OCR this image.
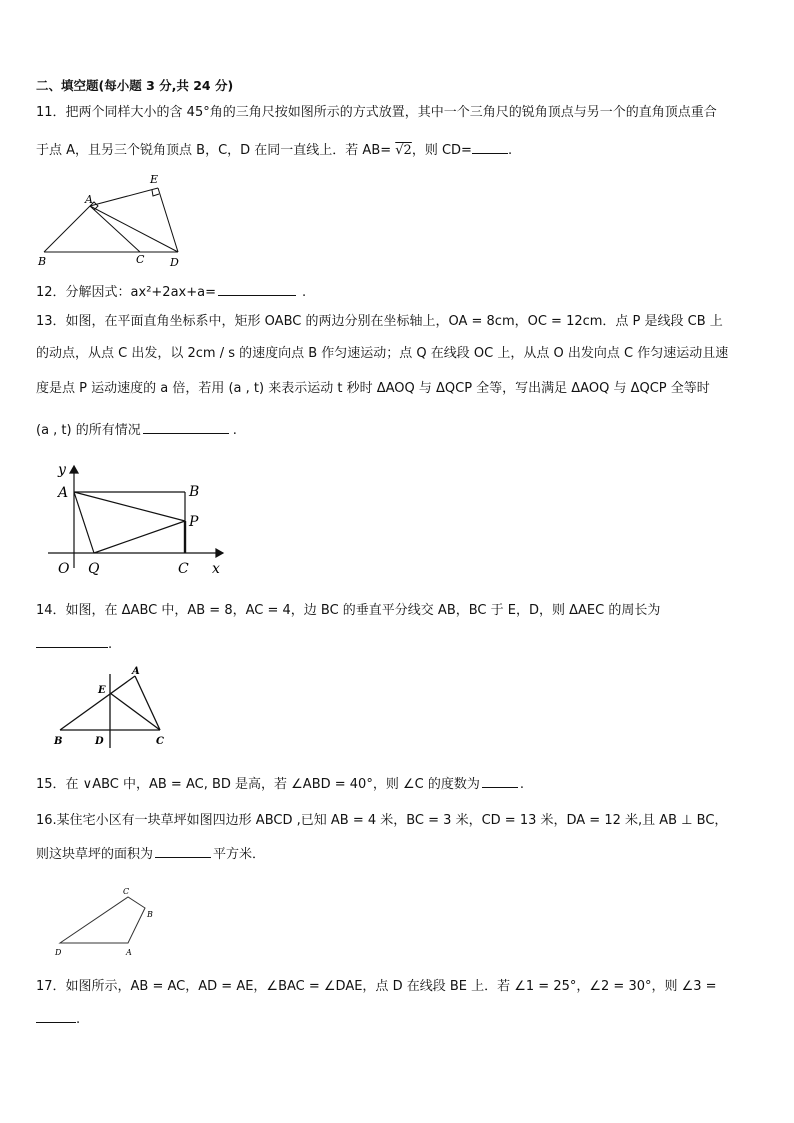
二、填空题(每小题 3 分,共 24 分)
11．把两个同样大小的含 45°角的三角尺按如图所示的方式放置，其中一个三角尺的锐角顶点与另一个的直角顶点重合
于点 A，且另三个锐角顶点 B，C，D 在同一直线上．若 AB= √2，则 CD=	.
A
E
B	C D
12．分解因式：ax²+2ax+a=	.
13．如图，在平面直角坐标系中，矩形 OABC 的两边分别在坐标轴上，OA = 8cm，OC = 12cm．点 P 是线段 CB 上
的动点，从点 C 出发，以 2cm / s 的速度向点 B 作匀速运动；点 Q 在线段 OC 上，从点 O 出发向点 C 作匀速运动且速
度是点 P 运动速度的 a 倍，若用 (a , t) 来表示运动 t 秒时 ΔAOQ 与 ΔQCP 全等，写出满足 ΔAOQ 与 ΔQCP 全等时
(a , t) 的所有情况	.
y
A	B
P
O Q	C x
14．如图，在 ΔABC 中，AB = 8，AC = 4，边 BC 的垂直平分线交 AB，BC 于 E，D，则 ΔAEC 的周长为
.
A
E
B	D	C
15．在 ∨ABC 中，AB = AC, BD 是高，若 ∠ABD = 40°，则 ∠C 的度数为	.
16.某住宅小区有一块草坪如图四边形 ABCD ,已知 AB = 4 米，BC = 3 米，CD = 13 米，DA = 12 米,且 AB ⊥ BC，
则这块草坪的面积为	平方米．
C
B
D	A
17．如图所示，AB = AC，AD = AE，∠BAC = ∠DAE，点 D 在线段 BE 上．若 ∠1 = 25°，∠2 = 30°，则 ∠3 =
.
